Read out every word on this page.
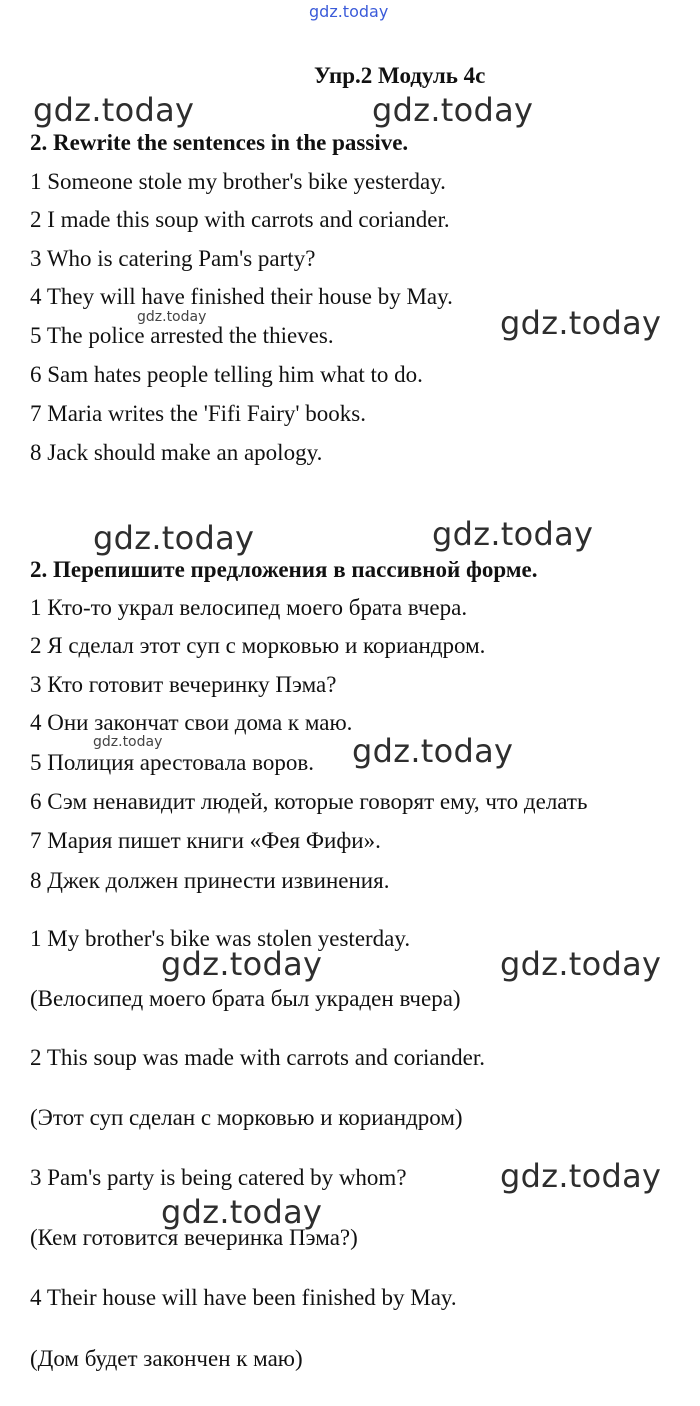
gdz.today
Упр.2 Модуль 4с
2. Rewrite the sentences in the passive.
1 Someone stole my brother's bike yesterday.
2 I made this soup with carrots and coriander.
3 Who is catering Pam's party?
4 They will have finished their house by May.
5 The police arrested the thieves.
6 Sam hates people telling him what to do.
7 Maria writes the 'Fifi Fairy' books.
8 Jack should make an apology.
2. Перепишите предложения в пассивной форме.
1 Кто-то украл велосипед моего брата вчера.
2 Я сделал этот суп с морковью и кориандром.
3 Кто готовит вечеринку Пэма?
4 Они закончат свои дома к маю.
5 Полиция арестовала воров.
6 Сэм ненавидит людей, которые говорят ему, что делать
7 Мария пишет книги «Фея Фифи».
8 Джек должен принести извинения.
1 My brother's bike was stolen yesterday.
(Велосипед моего брата был украден вчера)
2 This soup was made with carrots and coriander.
(Этот суп сделан с морковью и кориандром)
3 Pam's party is being catered by whom?
(Кем готовится вечеринка Пэма?)
4 Their house will have been finished by May.
(Дом будет закончен к маю)
gdz.today	gdz.today
gdz.today
gdz.today
gdz.today	gdz.today
gdz.today	gdz.today
gdz.today	gdz.today
gdz.today
gdz.today
